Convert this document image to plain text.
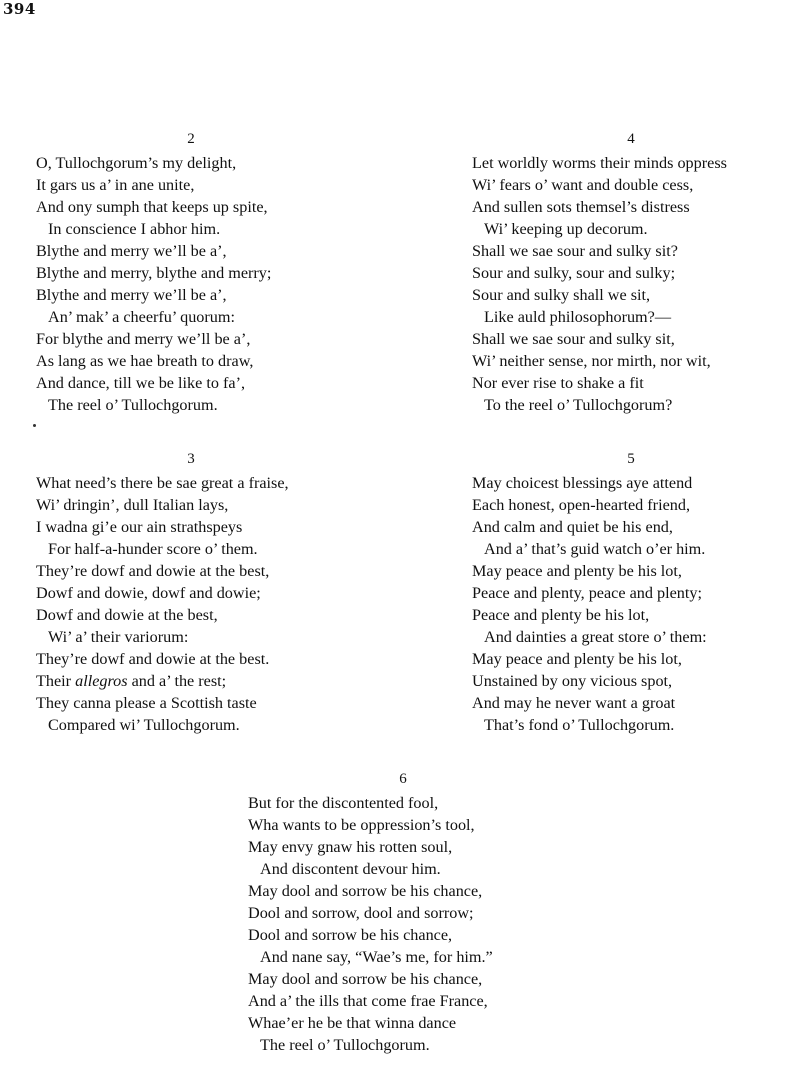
394
2
O, Tullochgorum’s my delight,
It gars us a’ in ane unite,
And ony sumph that keeps up spite,
In conscience I abhor him.
Blythe and merry we’ll be a’,
Blythe and merry, blythe and merry;
Blythe and merry we’ll be a’,
An’ mak’ a cheerfu’ quorum:
For blythe and merry we’ll be a’,
As lang as we hae breath to draw,
And dance, till we be like to fa’,
The reel o’ Tullochgorum.
4
Let worldly worms their minds oppress
Wi’ fears o’ want and double cess,
And sullen sots themsel’s distress
Wi’ keeping up decorum.
Shall we sae sour and sulky sit?
Sour and sulky, sour and sulky;
Sour and sulky shall we sit,
Like auld philosophorum?—
Shall we sae sour and sulky sit,
Wi’ neither sense, nor mirth, nor wit,
Nor ever rise to shake a fit
To the reel o’ Tullochgorum?
3
What need’s there be sae great a fraise,
Wi’ dringin’, dull Italian lays,
I wadna gi’e our ain strathspeys
For half-a-hunder score o’ them.
They’re dowf and dowie at the best,
Dowf and dowie, dowf and dowie;
Dowf and dowie at the best,
Wi’ a’ their variorum:
They’re dowf and dowie at the best.
Their allegros and a’ the rest;
They canna please a Scottish taste
Compared wi’ Tullochgorum.
5
May choicest blessings aye attend
Each honest, open-hearted friend,
And calm and quiet be his end,
And a’ that’s guid watch o’er him.
May peace and plenty be his lot,
Peace and plenty, peace and plenty;
Peace and plenty be his lot,
And dainties a great store o’ them:
May peace and plenty be his lot,
Unstained by ony vicious spot,
And may he never want a groat
That’s fond o’ Tullochgorum.
6
But for the discontented fool,
Wha wants to be oppression’s tool,
May envy gnaw his rotten soul,
And discontent devour him.
May dool and sorrow be his chance,
Dool and sorrow, dool and sorrow;
Dool and sorrow be his chance,
And nane say, “Wae’s me, for him.”
May dool and sorrow be his chance,
And a’ the ills that come frae France,
Whae’er he be that winna dance
The reel o’ Tullochgorum.
